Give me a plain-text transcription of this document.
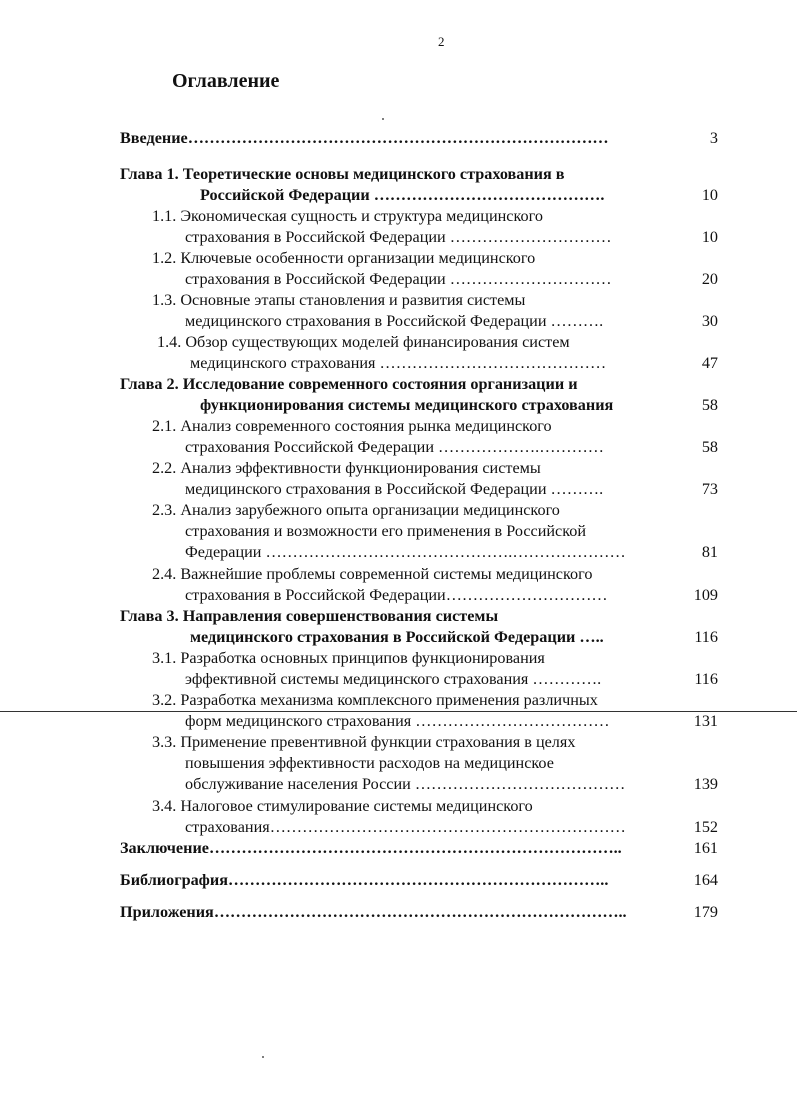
2
Оглавление
Введение……………………………………………………………………	3
Глава 1. Теоретические основы медицинского страхования в
Российской Федерации …………………………………….	10
1.1. Экономическая сущность и структура медицинского
страхования в Российской Федерации …………………………	10
1.2. Ключевые особенности организации медицинского
страхования в Российской Федерации …………………………	20
1.3. Основные этапы становления и развития системы
медицинского страхования в Российской Федерации ……….	30
1.4. Обзор существующих моделей финансирования систем
медицинского страхования ……………………………………	47
Глава 2. Исследование современного состояния организации и
функционирования системы медицинского страхования	58
2.1. Анализ современного состояния рынка медицинского
страхования Российской Федерации ……………….…………	58
2.2. Анализ эффективности функционирования системы
медицинского страхования в Российской Федерации ……….	73
2.3. Анализ зарубежного опыта организации медицинского
страхования и возможности его применения в Российской
Федерации ……………………………………….…………………	81
2.4. Важнейшие проблемы современной системы медицинского
страхования в Российской Федерации…………………………	109
Глава 3. Направления совершенствования системы
медицинского страхования в Российской Федерации …..	116
3.1. Разработка основных принципов функционирования
эффективной системы медицинского страхования ………….	116
3.2. Разработка механизма комплексного применения различных
форм медицинского страхования ………………………………	131
3.3. Применение превентивной функции страхования в целях
повышения эффективности расходов на медицинское
обслуживание населения России …………………………………	139
3.4. Налоговое стимулирование системы медицинского
страхования…………………………………………………………	152
Заключение…………………………………………………………………..	161
Библиография……………………………………………………………..	164
Приложения…………………………………………………………………..	179
